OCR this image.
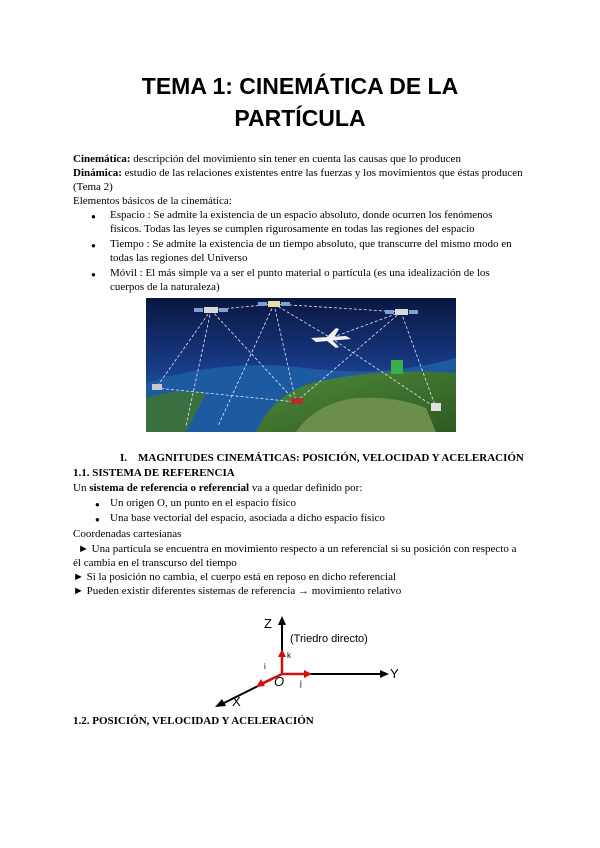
TEMA 1: CINEMÁTICA DE LA
PARTÍCULA
Cinemática: descripción del movimiento sin tener en cuenta las causas que lo producen
Dinámica: estudio de las relaciones existentes entre las fuerzas y los movimientos que éstas producen
(Tema 2)
Elementos básicos de la cinemática:
● Espacio : Se admite la existencia de un espacio absoluto, donde ocurren los fenómenos
físicos. Todas las leyes se cumplen rigurosamente en todas las regiones del espacio
● Tiempo : Se admite la existencia de un tiempo absoluto, que transcurre del mismo modo en
todas las regiones del Universo
● Móvil : El más simple va a ser el punto material o partícula (es una idealización de los
cuerpos de la naturaleza)
I. MAGNITUDES CINEMÁTICAS: POSICIÓN, VELOCIDAD Y ACELERACIÓN
1.1. SISTEMA DE REFERENCIA
Un sistema de referencia o referencial va a quedar definido por:
● Un origen O, un punto en el espacio físico
● Una base vectorial del espacio, asociada a dicho espacio físico
Coordenadas cartesianas
► Una partícula se encuentra en movimiento respecto a un referencial si su posición con respecto a
él cambia en el transcurso del tiempo
► Si la posición no cambia, el cuerpo está en reposo en dicho referencial
► Pueden existir diferentes sistemas de referencia → movimiento relativo
Z
Y
X
O
(Triedro directo)
i
j
k
1.2. POSICIÓN, VELOCIDAD Y ACELERACIÓN
